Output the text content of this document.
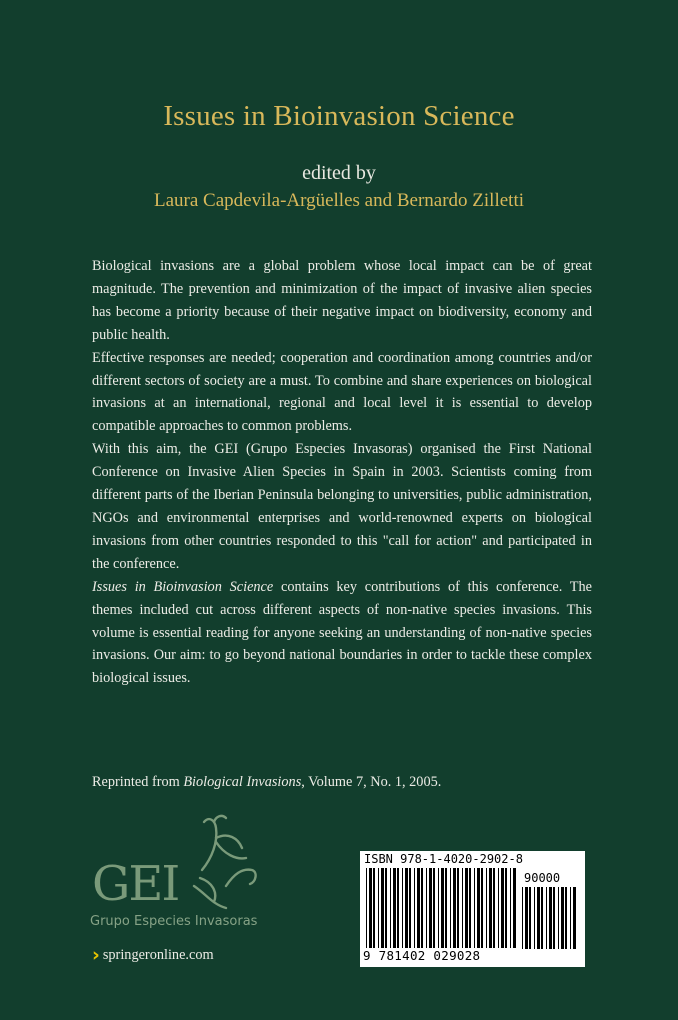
Issues in Bioinvasion Science
edited by
Laura Capdevila-Argüelles and Bernardo Zilletti

Biological invasions are a global problem whose local impact can be of great magnitude. The prevention and minimization of the impact of invasive alien species has become a priority because of their negative impact on biodiversity, economy and public health.

Effective responses are needed; cooperation and coordination among countries and/or different sectors of society are a must. To combine and share experiences on biological invasions at an international, regional and local level it is essential to develop compatible approaches to common problems.

With this aim, the GEI (Grupo Especies Invasoras) organised the First National Conference on Invasive Alien Species in Spain in 2003. Scientists coming from different parts of the Iberian Peninsula belonging to universities, public administration, NGOs and environmental enterprises and world-renowned experts on biological invasions from other countries responded to this "call for action" and participated in the conference.

Issues in Bioinvasion Science contains key contributions of this conference. The themes included cut across different aspects of non-native species invasions. This volume is essential reading for anyone seeking an understanding of non-native species invasions. Our aim: to go beyond national boundaries in order to tackle these complex biological issues.

Reprinted from Biological Invasions, Volume 7, No. 1, 2005.
GEI
Grupo Especies Invasoras
› springeronline.com
ISBN 978-1-4020-2902-8
90000
9 781402 029028
